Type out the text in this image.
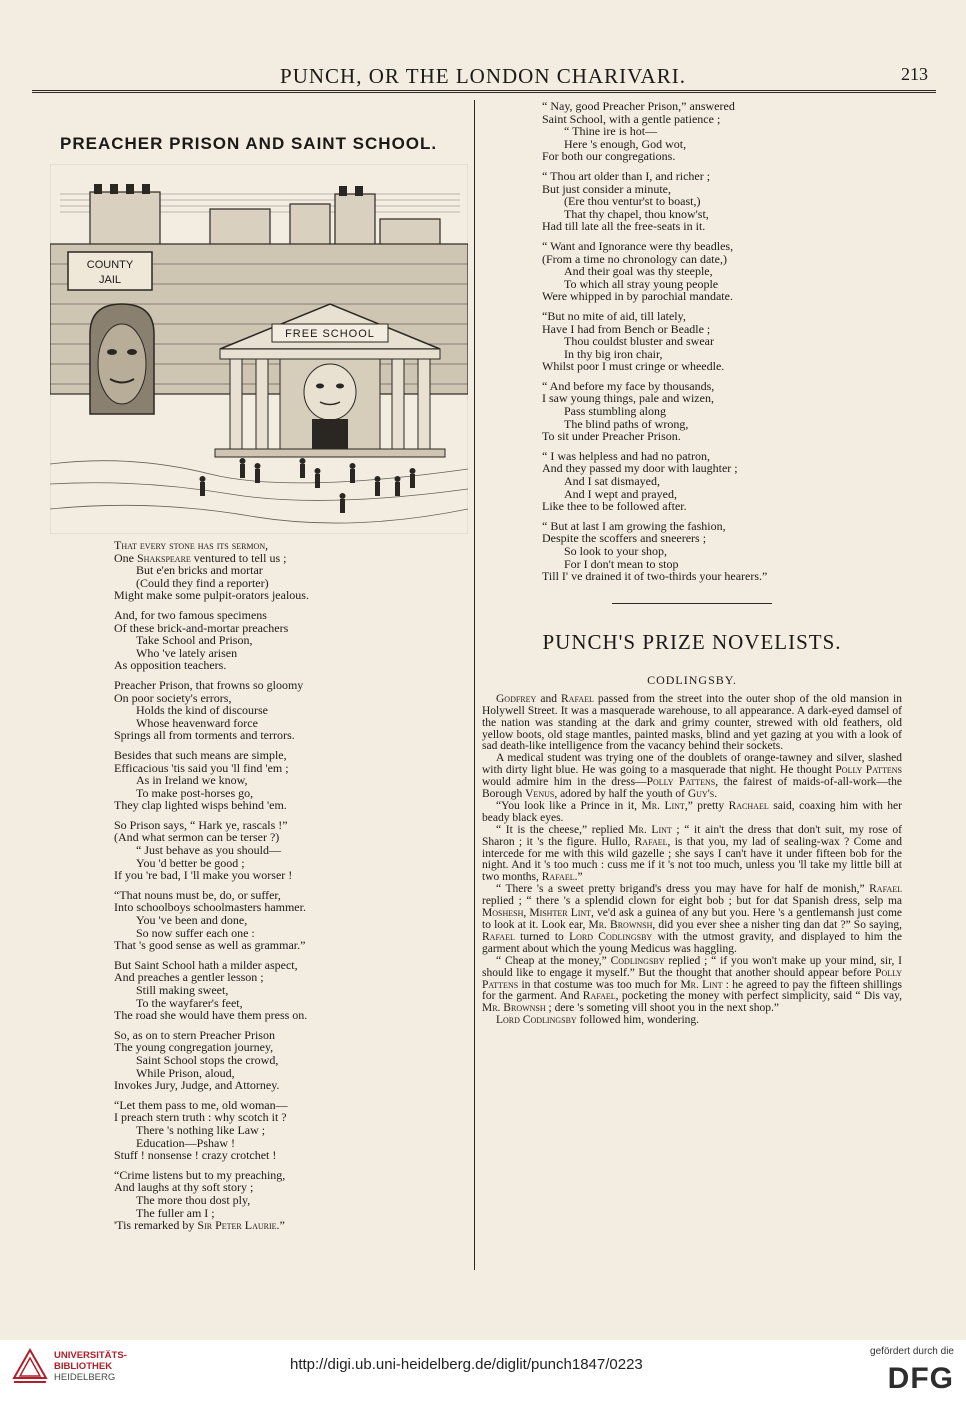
PUNCH, OR THE LONDON CHARIVARI.	213
PREACHER PRISON AND SAINT SCHOOL.
COUNTY
JAIL
FREE SCHOOL
That every stone has its sermon,
One Shakspeare ventured to tell us ;
But e'en bricks and mortar
(Could they find a reporter)
Might make some pulpit-orators jealous.
And, for two famous specimens
Of these brick-and-mortar preachers
Take School and Prison,
Who 've lately arisen
As opposition teachers.
Preacher Prison, that frowns so gloomy
On poor society's errors,
Holds the kind of discourse
Whose heavenward force
Springs all from torments and terrors.
Besides that such means are simple,
Efficacious 'tis said you 'll find 'em ;
As in Ireland we know,
To make post-horses go,
They clap lighted wisps behind 'em.
So Prison says, “ Hark ye, rascals !”
(And what sermon can be terser ?)
“ Just behave as you should—
You 'd better be good ;
If you 're bad, I 'll make you worser !
“That nouns must be, do, or suffer,
Into schoolboys schoolmasters hammer.
You 've been and done,
So now suffer each one :
That 's good sense as well as grammar.”
But Saint School hath a milder aspect,
And preaches a gentler lesson ;
Still making sweet,
To the wayfarer's feet,
The road she would have them press on.
So, as on to stern Preacher Prison
The young congregation journey,
Saint School stops the crowd,
While Prison, aloud,
Invokes Jury, Judge, and Attorney.
“Let them pass to me, old woman—
I preach stern truth : why scotch it ?
There 's nothing like Law ;
Education—Pshaw !
Stuff ! nonsense ! crazy crotchet !
“Crime listens but to my preaching,
And laughs at thy soft story ;
The more thou dost ply,
The fuller am I ;
'Tis remarked by Sir Peter Laurie.”
“ Nay, good Preacher Prison,” answered
Saint School, with a gentle patience ;
“ Thine ire is hot—
Here 's enough, God wot,
For both our congregations.
“ Thou art older than I, and richer ;
But just consider a minute,
(Ere thou ventur'st to boast,)
That thy chapel, thou know'st,
Had till late all the free-seats in it.
“ Want and Ignorance were thy beadles,
(From a time no chronology can date,)
And their goal was thy steeple,
To which all stray young people
Were whipped in by parochial mandate.
“But no mite of aid, till lately,
Have I had from Bench or Beadle ;
Thou couldst bluster and swear
In thy big iron chair,
Whilst poor I must cringe or wheedle.
“ And before my face by thousands,
I saw young things, pale and wizen,
Pass stumbling along
The blind paths of wrong,
To sit under Preacher Prison.
“ I was helpless and had no patron,
And they passed my door with laughter ;
And I sat dismayed,
And I wept and prayed,
Like thee to be followed after.
“ But at last I am growing the fashion,
Despite the scoffers and sneerers ;
So look to your shop,
For I don't mean to stop
Till I' ve drained it of two-thirds your hearers.”
PUNCH'S PRIZE NOVELISTS.
CODLINGSBY.

Godfrey and Rafael passed from the street into the outer shop of the old mansion in Holywell Street. It was a masquerade warehouse, to all appearance. A dark-eyed damsel of the nation was standing at the dark and grimy counter, strewed with old feathers, old yellow boots, old stage mantles, painted masks, blind and yet gazing at you with a look of sad death-like intelligence from the vacancy behind their sockets.

A medical student was trying one of the doublets of orange-tawney and silver, slashed with dirty light blue. He was going to a masquerade that night. He thought Polly Pattens would admire him in the dress—Polly Pattens, the fairest of maids-of-all-work—the Borough Venus, adored by half the youth of Guy's.

“You look like a Prince in it, Mr. Lint,” pretty Rachael said, coaxing him with her beady black eyes.

“ It is the cheese,” replied Mr. Lint ; “ it ain't the dress that don't suit, my rose of Sharon ; it 's the figure. Hullo, Rafael, is that you, my lad of sealing-wax ? Come and intercede for me with this wild gazelle ; she says I can't have it under fifteen bob for the night. And it 's too much : cuss me if it 's not too much, unless you 'll take my little bill at two months, Rafael.”

“ There 's a sweet pretty brigand's dress you may have for half de monish,” Rafael replied ; “ there 's a splendid clown for eight bob ; but for dat Spanish dress, selp ma Moshesh, Mishter Lint, ve'd ask a guinea of any but you. Here 's a gentlemansh just come to look at it. Look ear, Mr. Brownsh, did you ever shee a nisher ting dan dat ?” So saying, Rafael turned to Lord Codlingsby with the utmost gravity, and displayed to him the garment about which the young Medicus was haggling.

“ Cheap at the money,” Codlingsby replied ; “ if you won't make up your mind, sir, I should like to engage it myself.” But the thought that another should appear before Polly Pattens in that costume was too much for Mr. Lint : he agreed to pay the fifteen shillings for the garment. And Rafael, pocketing the money with perfect simplicity, said “ Dis vay, Mr. Brownsh ; dere 's someting vill shoot you in the next shop.”

Lord Codlingsby followed him, wondering.

UNIVERSITÄTS-
BIBLIOTHEK
HEIDELBERG
http://digi.ub.uni-heidelberg.de/diglit/punch1847/0223
gefördert durch die
DFG
